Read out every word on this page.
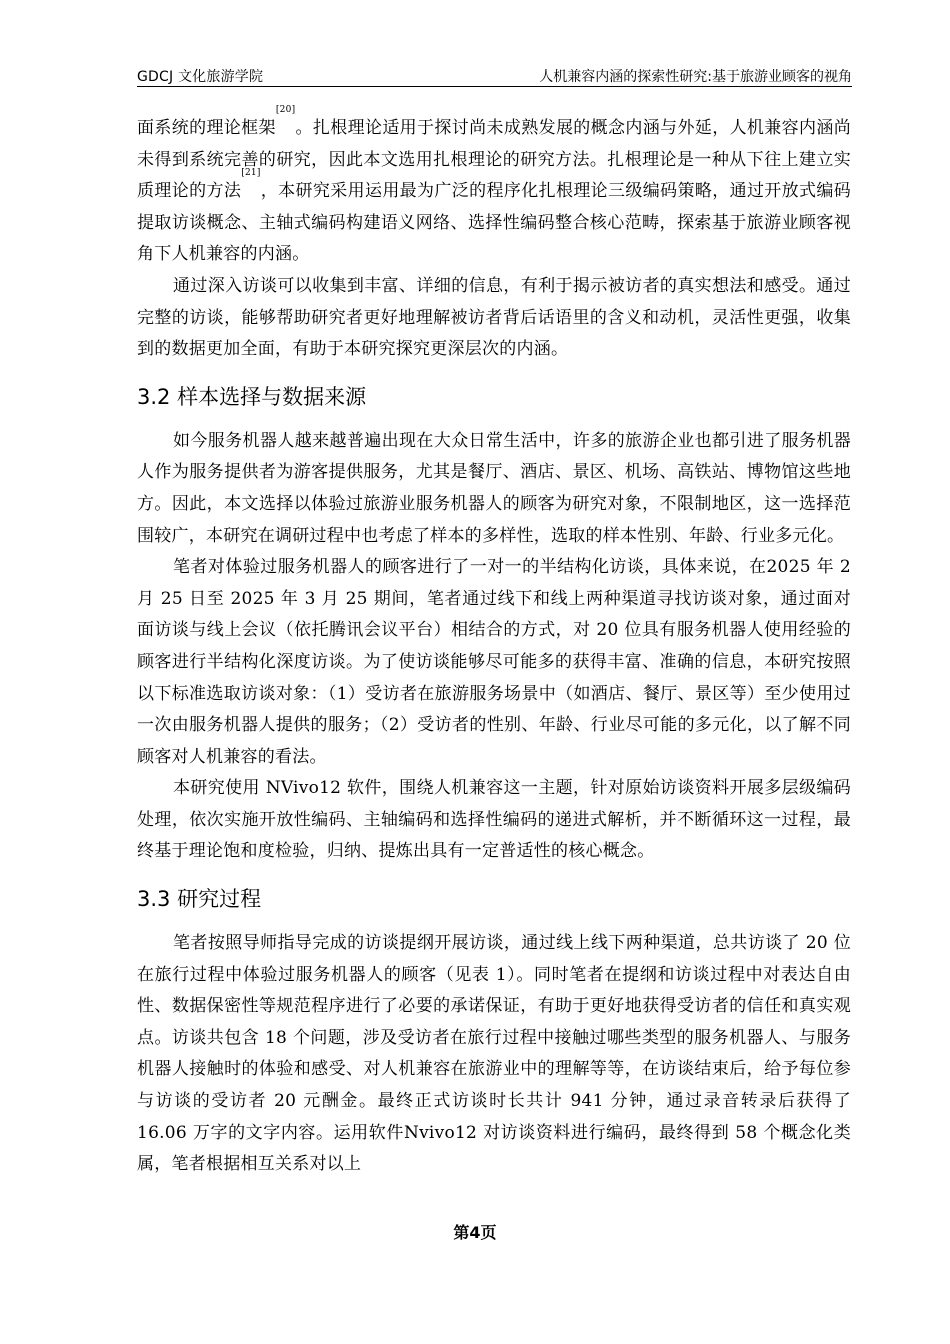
GDCJ 文化旅游学院	人机兼容内涵的探索性研究:基于旅游业顾客的视角

面系统的理论框架[20]。扎根理论适用于探讨尚未成熟发展的概念内涵与外延，人机兼容内涵尚未得到系统完善的研究，因此本文选用扎根理论的研究方法。扎根理论是一种从下往上建立实质理论的方法[21]，本研究采用运用最为广泛的程序化扎根理论三级编码策略，通过开放式编码提取访谈概念、主轴式编码构建语义网络、选择性编码整合核心范畴，探索基于旅游业顾客视角下人机兼容的内涵。

通过深入访谈可以收集到丰富、详细的信息，有利于揭示被访者的真实想法和感受。通过完整的访谈，能够帮助研究者更好地理解被访者背后话语里的含义和动机，灵活性更强，收集到的数据更加全面，有助于本研究探究更深层次的内涵。

3.2 样本选择与数据来源

如今服务机器人越来越普遍出现在大众日常生活中，许多的旅游企业也都引进了服务机器人作为服务提供者为游客提供服务，尤其是餐厅、酒店、景区、机场、高铁站、博物馆这些地方。因此，本文选择以体验过旅游业服务机器人的顾客为研究对象，不限制地区，这一选择范围较广，本研究在调研过程中也考虑了样本的多样性，选取的样本性别、年龄、行业多元化。

笔者对体验过服务机器人的顾客进行了一对一的半结构化访谈，具体来说，在2025 年 2 月 25 日至 2025 年 3 月 25 期间，笔者通过线下和线上两种渠道寻找访谈对象，通过面对面访谈与线上会议（依托腾讯会议平台）相结合的方式，对 20 位具有服务机器人使用经验的顾客进行半结构化深度访谈。为了使访谈能够尽可能多的获得丰富、准确的信息，本研究按照以下标准选取访谈对象：（1）受访者在旅游服务场景中（如酒店、餐厅、景区等）至少使用过一次由服务机器人提供的服务；（2）受访者的性别、年龄、行业尽可能的多元化，以了解不同顾客对人机兼容的看法。

本研究使用 NVivo12 软件，围绕人机兼容这一主题，针对原始访谈资料开展多层级编码处理，依次实施开放性编码、主轴编码和选择性编码的递进式解析，并不断循环这一过程，最终基于理论饱和度检验，归纳、提炼出具有一定普适性的核心概念。

3.3 研究过程

笔者按照导师指导完成的访谈提纲开展访谈，通过线上线下两种渠道，总共访谈了 20 位在旅行过程中体验过服务机器人的顾客（见表 1）。同时笔者在提纲和访谈过程中对表达自由性、数据保密性等规范程序进行了必要的承诺保证，有助于更好地获得受访者的信任和真实观点。访谈共包含 18 个问题，涉及受访者在旅行过程中接触过哪些类型的服务机器人、与服务机器人接触时的体验和感受、对人机兼容在旅游业中的理解等等，在访谈结束后，给予每位参与访谈的受访者 20 元酬金。最终正式访谈时长共计 941 分钟，通过录音转录后获得了 16.06 万字的文字内容。运用软件Nvivo12 对访谈资料进行编码，最终得到 58 个概念化类属，笔者根据相互关系对以上

第4页
